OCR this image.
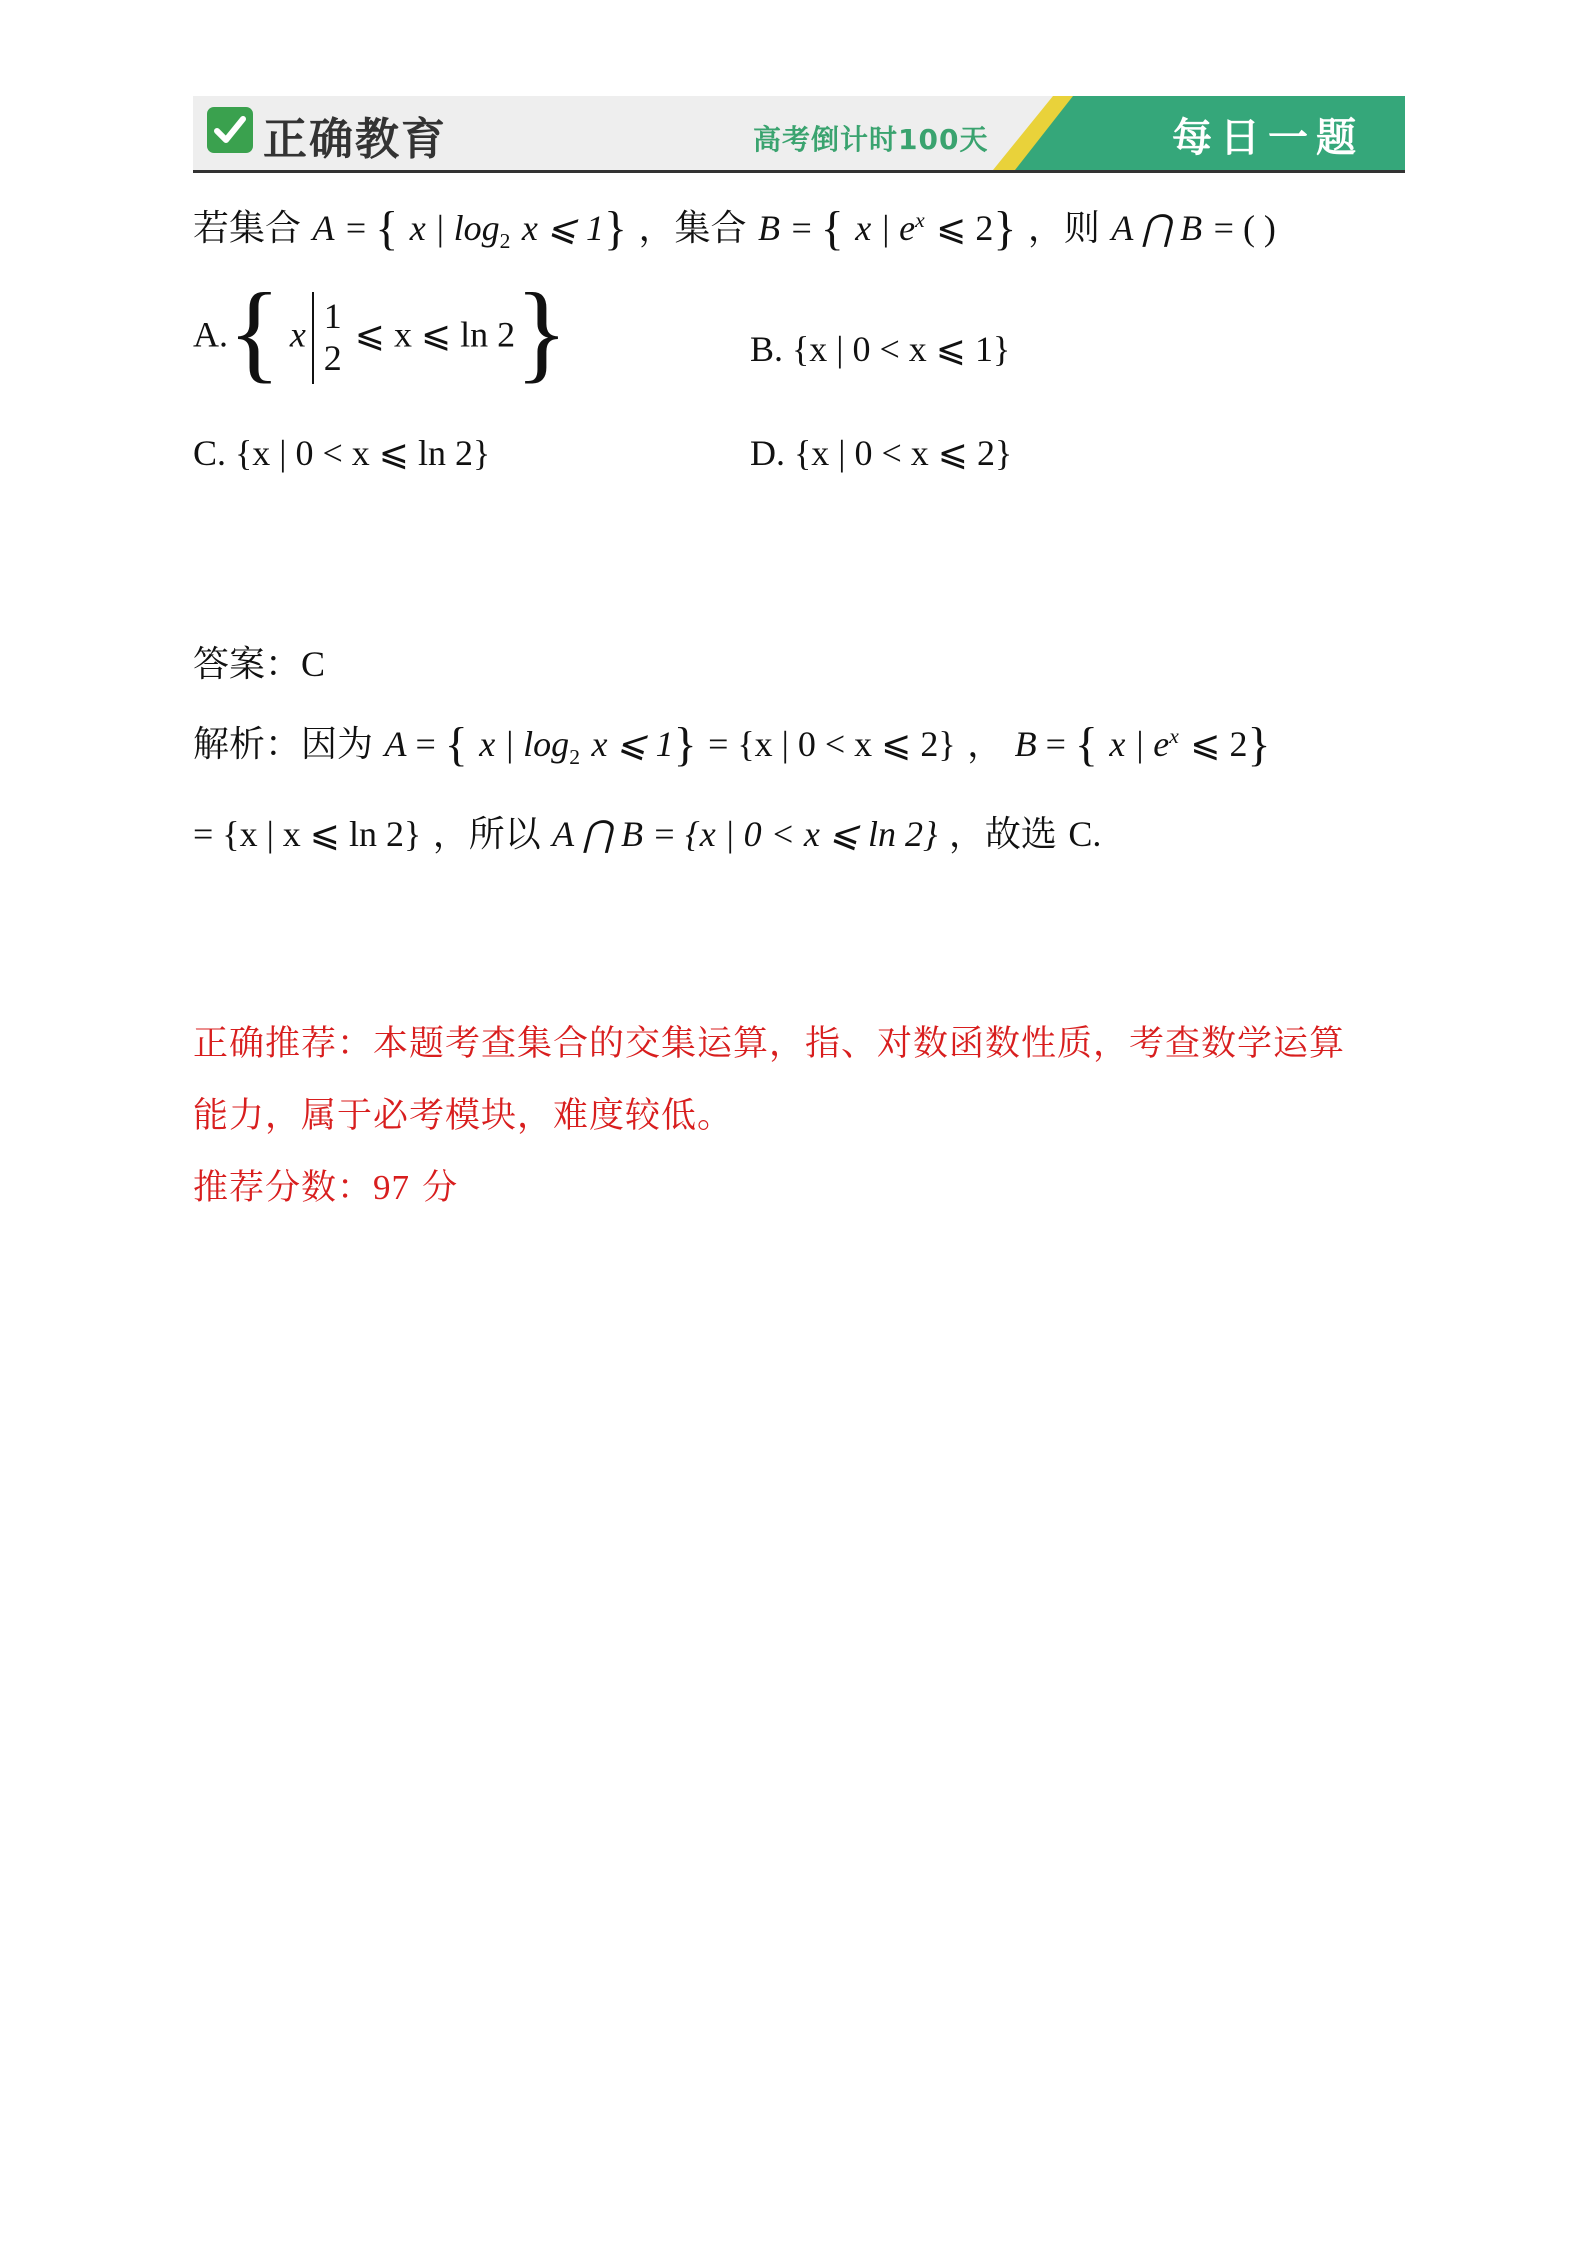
正确教育	高考倒计时100天	每日一题
若集合 A = { x | $\log_2 x$ ⩽ 1} ，集合 B = { x | $e^x$ ⩽ 2} ，则 A ⋂ B = ( )
A.{ x 1
2
⩽ x ⩽ ln 2}	B. {x | 0 < x ⩽ 1}
C. {x | 0 < x ⩽ ln 2}	D. {x | 0 < x ⩽ 2}
答案：C
解析：因为 A = { x | $\log_2 x$ ⩽ 1} = {x | 0 < x ⩽ 2} ， B = { x | $e^x$ ⩽ 2}
= {x | x ⩽ ln 2} ，所以 A ⋂ B = {x | 0 < x ⩽ ln 2} ，故选 C.
正确推荐：本题考查集合的交集运算，指、对数函数性质，考查数学运算
能力，属于必考模块，难度较低。
推荐分数：97 分
